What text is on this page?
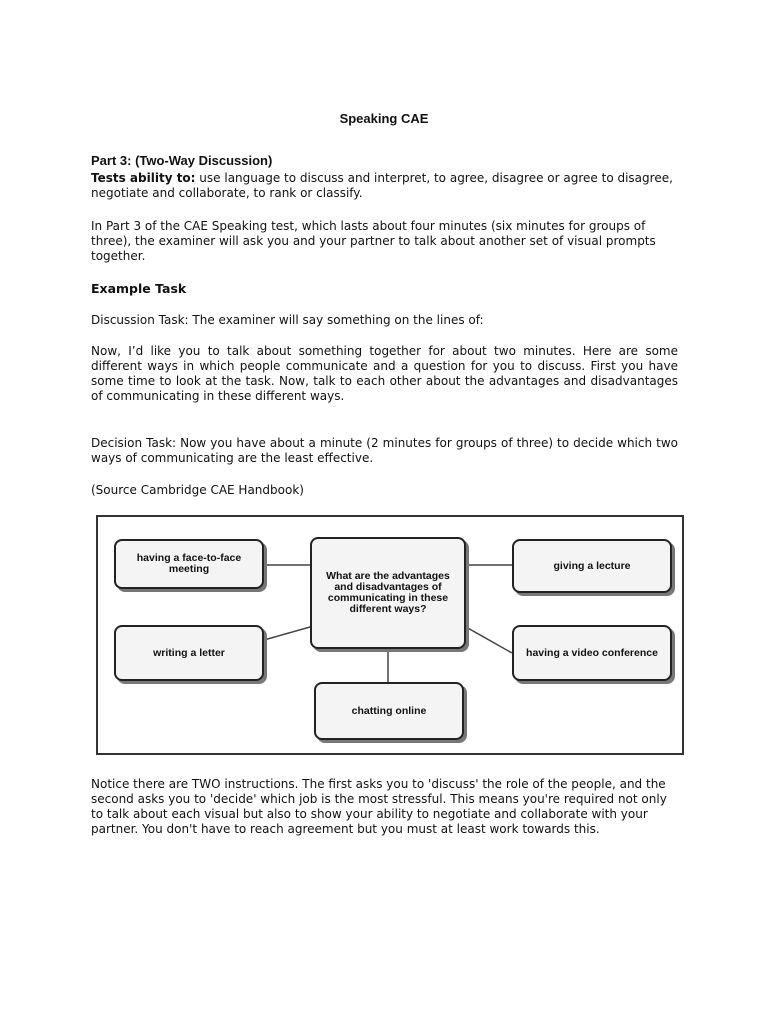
Speaking CAE
Part 3: (Two-Way Discussion)

Tests ability to: use language to discuss and interpret, to agree, disagree or agree to disagree, negotiate and collaborate, to rank or classify.

In Part 3 of the CAE Speaking test, which lasts about four minutes (six minutes for groups of three), the examiner will ask you and your partner to talk about another set of visual prompts together.

Example Task

Discussion Task: The examiner will say something on the lines of:

Now, I’d like you to talk about something together for about two minutes. Here are some different ways in which people communicate and a question for you to discuss. First you have some time to look at the task. Now, talk to each other about the advantages and disadvantages of communicating in these different ways.

Decision Task: Now you have about a minute (2 minutes for groups of three) to decide which two ways of communicating are the least effective.

(Source Cambridge CAE Handbook)

having a face-to-face meeting
writing a letter
What are the advantages and disadvantages of communicating in these different ways?
giving a lecture
having a video conference
chatting online

Notice there are TWO instructions. The first asks you to 'discuss' the role of the people, and the second asks you to 'decide' which job is the most stressful. This means you're required not only to talk about each visual but also to show your ability to negotiate and collaborate with your partner. You don't have to reach agreement but you must at least work towards this.
